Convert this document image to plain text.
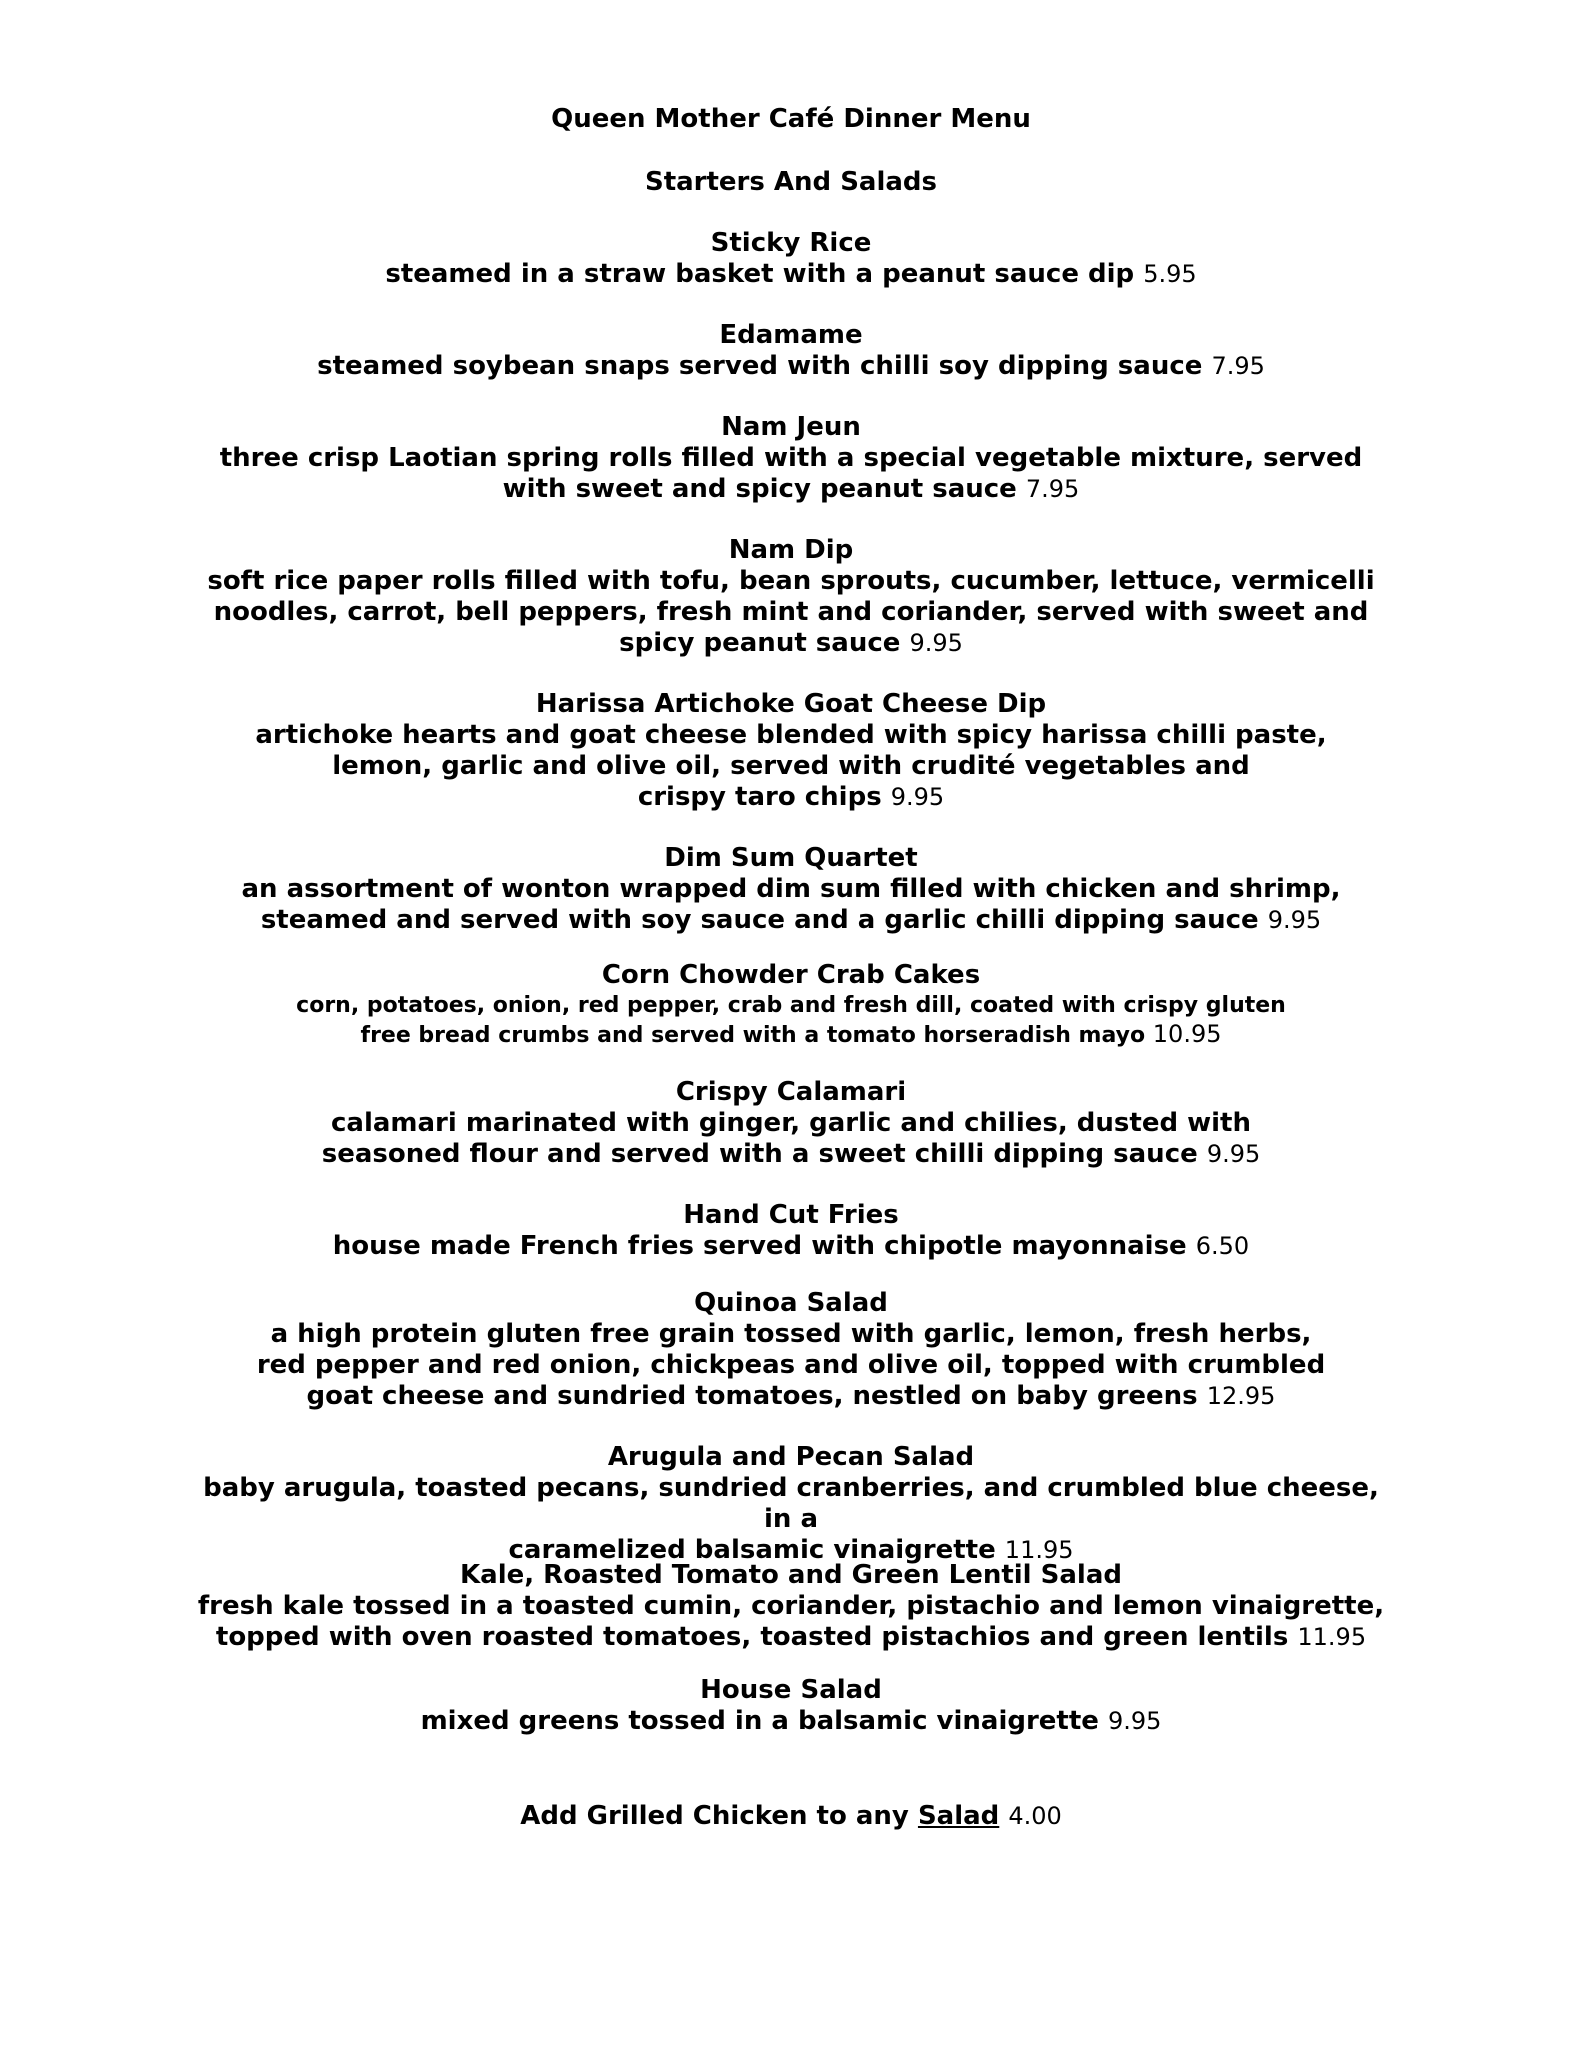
Queen Mother Café Dinner Menu
Starters And Salads
Sticky Rice
steamed in a straw basket with a peanut sauce dip 5.95
Edamame
steamed soybean snaps served with chilli soy dipping sauce 7.95
Nam Jeun
three crisp Laotian spring rolls filled with a special vegetable mixture, served
with sweet and spicy peanut sauce 7.95
Nam Dip
soft rice paper rolls filled with tofu, bean sprouts, cucumber, lettuce, vermicelli
noodles, carrot, bell peppers, fresh mint and coriander, served with sweet and
spicy peanut sauce 9.95
Harissa Artichoke Goat Cheese Dip
artichoke hearts and goat cheese blended with spicy harissa chilli paste,
lemon, garlic and olive oil, served with crudité vegetables and
crispy taro chips 9.95
Dim Sum Quartet
an assortment of wonton wrapped dim sum filled with chicken and shrimp,
steamed and served with soy sauce and a garlic chilli dipping sauce 9.95
Corn Chowder Crab Cakes
corn, potatoes, onion, red pepper, crab and fresh dill, coated with crispy gluten
free bread crumbs and served with a tomato horseradish mayo 10.95
Crispy Calamari
calamari marinated with ginger, garlic and chilies, dusted with
seasoned flour and served with a sweet chilli dipping sauce 9.95
Hand Cut Fries
house made French fries served with chipotle mayonnaise 6.50
Quinoa Salad
a high protein gluten free grain tossed with garlic, lemon, fresh herbs,
red pepper and red onion, chickpeas and olive oil, topped with crumbled
goat cheese and sundried tomatoes, nestled on baby greens 12.95
Arugula and Pecan Salad
baby arugula, toasted pecans, sundried cranberries, and crumbled blue cheese, in a
caramelized balsamic vinaigrette 11.95
Kale, Roasted Tomato and Green Lentil Salad
fresh kale tossed in a toasted cumin, coriander, pistachio and lemon vinaigrette,
topped with oven roasted tomatoes, toasted pistachios and green lentils 11.95
House Salad
mixed greens tossed in a balsamic vinaigrette 9.95
Add Grilled Chicken to any Salad 4.00
